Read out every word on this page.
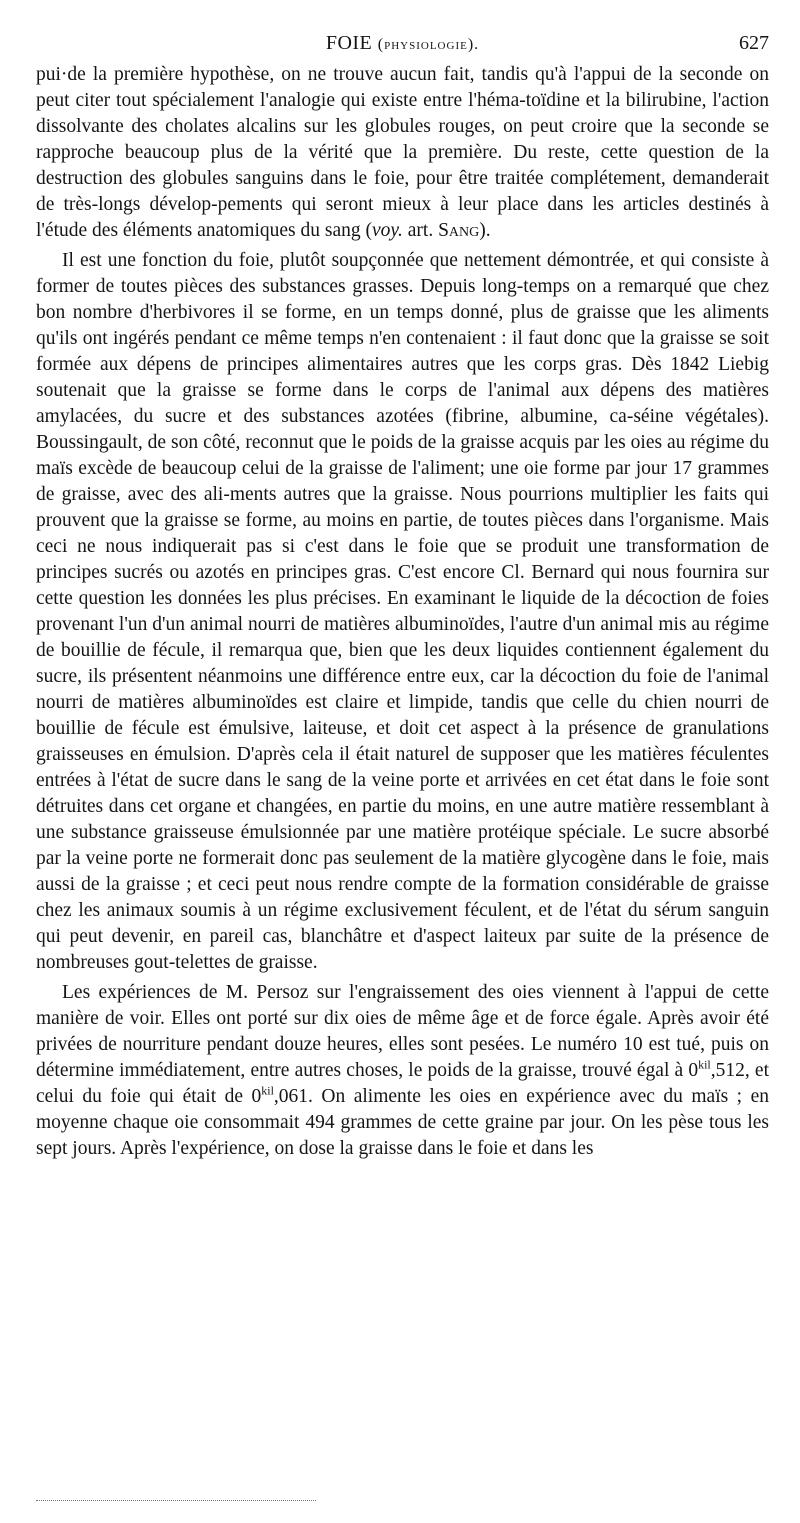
FOIE (physiologie).	627

pui·de la première hypothèse, on ne trouve aucun fait, tandis qu'à l'appui de la seconde on peut citer tout spécialement l'analogie qui existe entre l'héma-toïdine et la bilirubine, l'action dissolvante des cholates alcalins sur les globules rouges, on peut croire que la seconde se rapproche beaucoup plus de la vérité que la première. Du reste, cette question de la destruction des globules sanguins dans le foie, pour être traitée complétement, demanderait de très-longs dévelop-pements qui seront mieux à leur place dans les articles destinés à l'étude des éléments anatomiques du sang (voy. art. Sang).

Il est une fonction du foie, plutôt soupçonnée que nettement démontrée, et qui consiste à former de toutes pièces des substances grasses. Depuis long-temps on a remarqué que chez bon nombre d'herbivores il se forme, en un temps donné, plus de graisse que les aliments qu'ils ont ingérés pendant ce même temps n'en contenaient : il faut donc que la graisse se soit formée aux dépens de principes alimentaires autres que les corps gras. Dès 1842 Liebig soutenait que la graisse se forme dans le corps de l'animal aux dépens des matières amylacées, du sucre et des substances azotées (fibrine, albumine, ca-séine végétales). Boussingault, de son côté, reconnut que le poids de la graisse acquis par les oies au régime du maïs excède de beaucoup celui de la graisse de l'aliment; une oie forme par jour 17 grammes de graisse, avec des ali-ments autres que la graisse. Nous pourrions multiplier les faits qui prouvent que la graisse se forme, au moins en partie, de toutes pièces dans l'organisme. Mais ceci ne nous indiquerait pas si c'est dans le foie que se produit une transformation de principes sucrés ou azotés en principes gras. C'est encore Cl. Bernard qui nous fournira sur cette question les données les plus précises. En examinant le liquide de la décoction de foies provenant l'un d'un animal nourri de matières albuminoïdes, l'autre d'un animal mis au régime de bouillie de fécule, il remarqua que, bien que les deux liquides contiennent également du sucre, ils présentent néanmoins une différence entre eux, car la décoction du foie de l'animal nourri de matières albuminoïdes est claire et limpide, tandis que celle du chien nourri de bouillie de fécule est émulsive, laiteuse, et doit cet aspect à la présence de granulations graisseuses en émulsion. D'après cela il était naturel de supposer que les matières féculentes entrées à l'état de sucre dans le sang de la veine porte et arrivées en cet état dans le foie sont détruites dans cet organe et changées, en partie du moins, en une autre matière ressemblant à une substance graisseuse émulsionnée par une matière protéique spéciale. Le sucre absorbé par la veine porte ne formerait donc pas seulement de la matière glycogène dans le foie, mais aussi de la graisse ; et ceci peut nous rendre compte de la formation considérable de graisse chez les animaux soumis à un régime exclusivement féculent, et de l'état du sérum sanguin qui peut devenir, en pareil cas, blanchâtre et d'aspect laiteux par suite de la présence de nombreuses gout-telettes de graisse.

Les expériences de M. Persoz sur l'engraissement des oies viennent à l'appui de cette manière de voir. Elles ont porté sur dix oies de même âge et de force égale. Après avoir été privées de nourriture pendant douze heures, elles sont pesées. Le numéro 10 est tué, puis on détermine immédiatement, entre autres choses, le poids de la graisse, trouvé égal à $0^{kil},512$, et celui du foie qui était de $0^{kil},061$. On alimente les oies en expérience avec du maïs ; en moyenne chaque oie consommait 494 grammes de cette graine par jour. On les pèse tous les sept jours. Après l'expérience, on dose la graisse dans le foie et dans les
